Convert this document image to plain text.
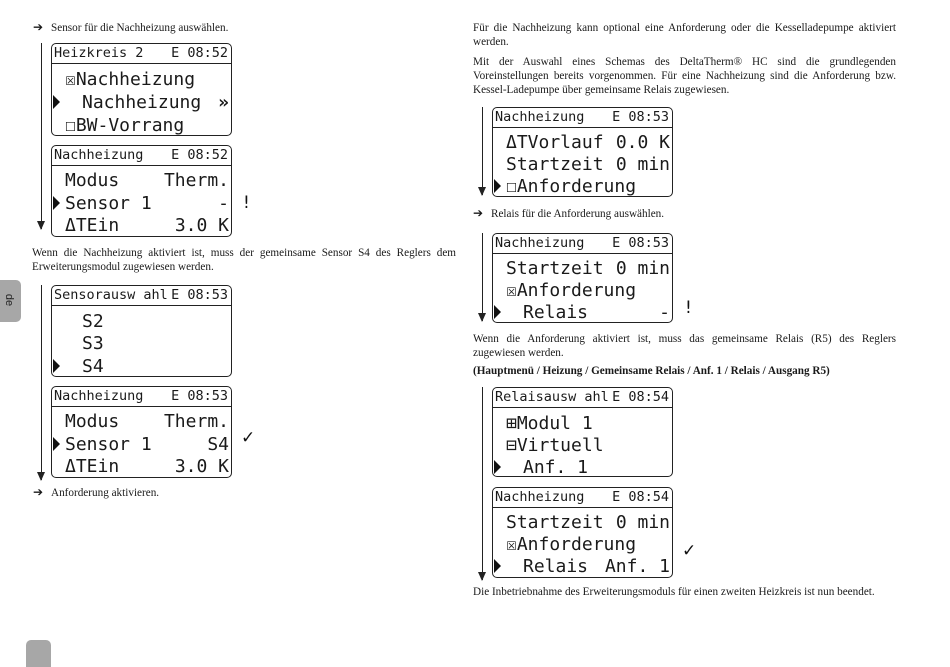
de
➔ Sensor für die Nachheizung auswählen.
Heizkreis 2 E 08:52
☒Nachheizung
Nachheizung »
☐BW-Vorrang
Nachheizung E 08:52
Modus Therm.
Sensor 1	-
ΔTEin	3.0 K
!
Wenn die Nachheizung aktiviert ist, muss der gemeinsame Sensor S4 des Reglers dem Erweiterungsmodul zugewiesen werden.
Sensorausw ahl E 08:53
S2
S3
S4
Nachheizung E 08:53
Modus Therm.
Sensor 1	S4
ΔTEin	3.0 K
✓
➔ Anforderung aktivieren.
Für die Nachheizung kann optional eine Anforderung oder die Kesselladepumpe aktiviert werden.
Mit der Auswahl eines Schemas des DeltaTherm® HC sind die grundlegenden Voreinstellungen bereits vorgenommen. Für eine Nachheizung sind die Anforderung bzw. Kessel-Ladepumpe über gemeinsame Relais zugewiesen.
Nachheizung E 08:53
ΔTVorlauf 0.0 K
Startzeit 0 min
☐Anforderung
➔ Relais für die Anforderung auswählen.
Nachheizung E 08:53
Startzeit 0 min
☒Anforderung
Relais	- !
Wenn die Anforderung aktiviert ist, muss das gemeinsame Relais (R5) des Reglers zugewiesen werden.
(Hauptmenü / Heizung / Gemeinsame Relais / Anf. 1 / Relais / Ausgang R5)
Relaisausw ahl E 08:54
⊞Modul 1
⊟Virtuell
Anf. 1
Nachheizung E 08:54
Startzeit 0 min
☒Anforderung
Relais Anf. 1
✓
Die Inbetriebnahme des Erweiterungsmoduls für einen zweiten Heizkreis ist nun beendet.
